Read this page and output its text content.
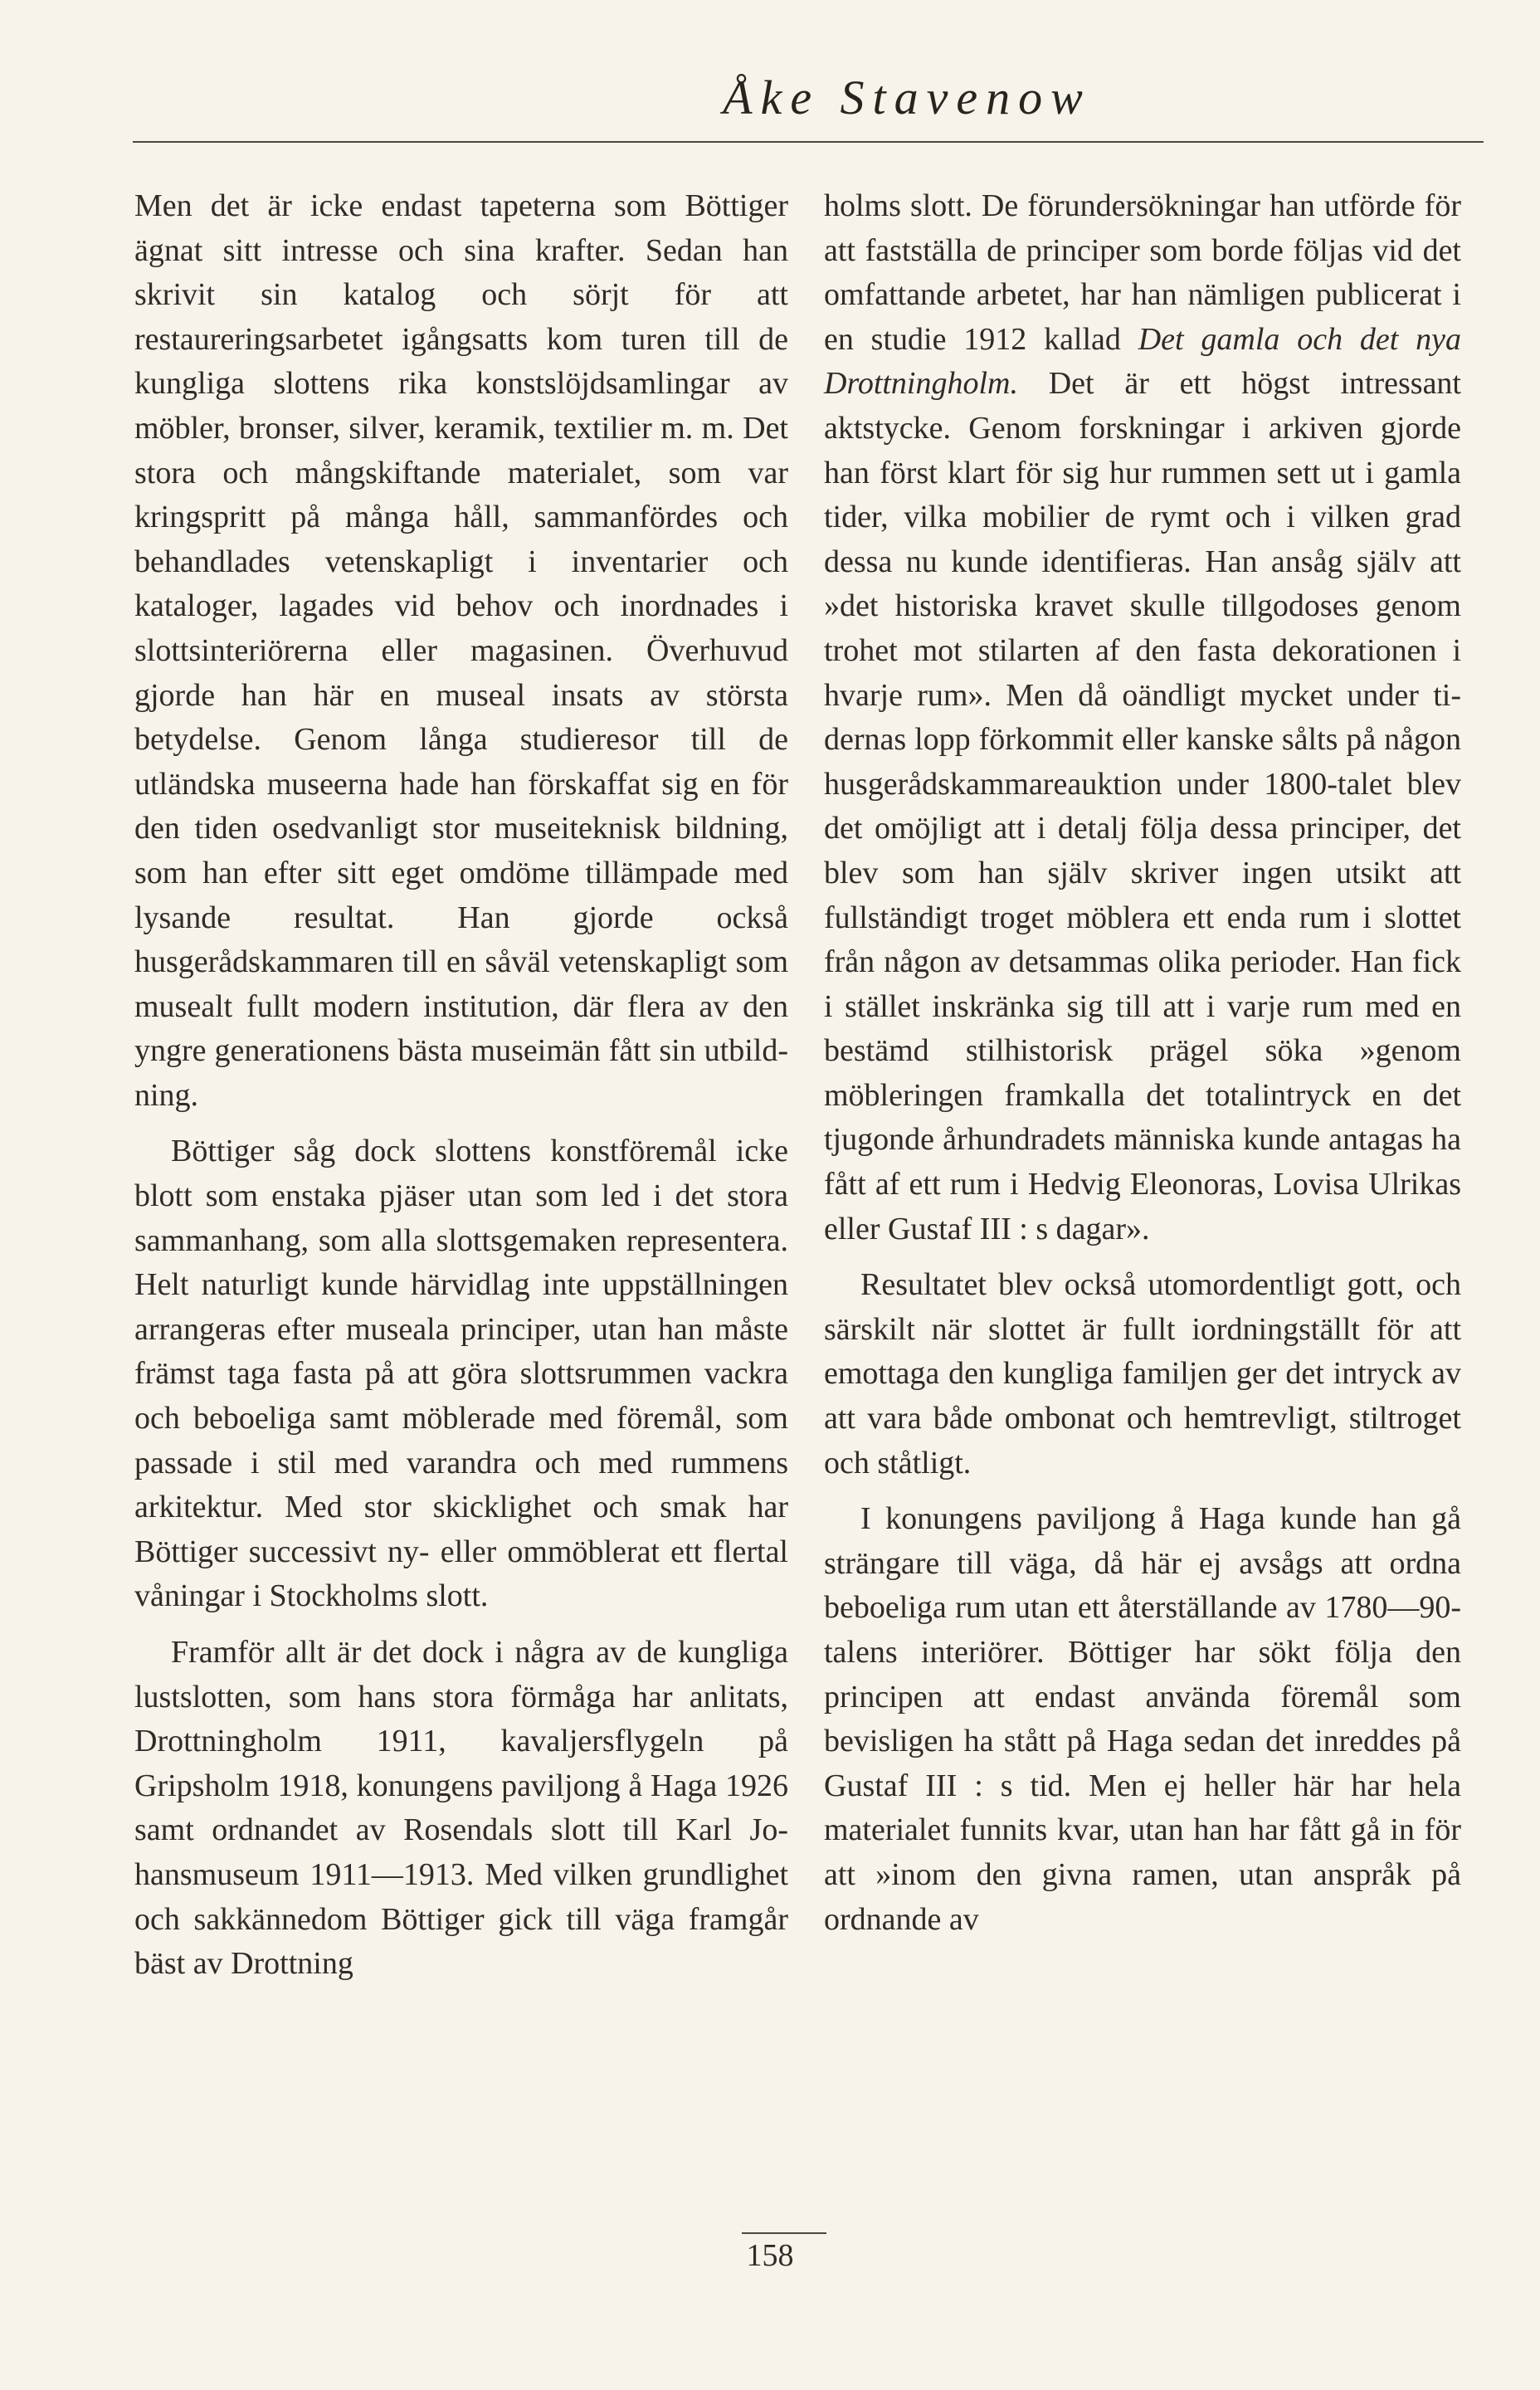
Åke Stavenow

Men det är icke endast tapeterna som Böttiger ägnat sitt intresse och sina krafter. Sedan han skrivit sin katalog och sörjt för att restaureringsarbetet igångsatts kom turen till de kungliga slottens rika konstslöjdsamlingar av möbler, bronser, silver, keramik, textilier m. m. Det stora och mångskiftande materialet, som var kringspritt på många håll, sammanfördes och behandlades vetenskapligt i inventarier och kataloger, lagades vid behov och inordnades i slottsinteriörerna eller magasinen. Överhuvud gjorde han här en museal insats av största betydelse. Genom långa studieresor till de utländska museerna hade han förskaffat sig en för den tiden osedvanligt stor museiteknisk bildning, som han efter sitt eget omdöme tillämpade med lysande resultat. Han gjorde också husgerådskammaren till en såväl vetenskapligt som musealt fullt modern institution, där flera av den yngre generationens bästa museimän fått sin utbildning.

Böttiger såg dock slottens konstföremål icke blott som enstaka pjäser utan som led i det stora sammanhang, som alla slottsgemaken representera. Helt naturligt kunde härvidlag inte uppställningen arrangeras efter museala principer, utan han måste främst taga fasta på att göra slottsrummen vackra och beboeliga samt möblerade med föremål, som passade i stil med varandra och med rummens arkitektur. Med stor skicklighet och smak har Böttiger successivt ny- eller ommöblerat ett flertal våningar i Stockholms slott.

Framför allt är det dock i några av de kungliga lustslotten, som hans stora förmåga har anlitats, Drottningholm 1911, kavaljersflygeln på Gripsholm 1918, konungens paviljong å Haga 1926 samt ordnandet av Rosendals slott till Karl Johansmuseum 1911—1913. Med vilken grundlighet och sakkännedom Böttiger gick till väga framgår bäst av Drottning

holms slott. De förundersökningar han utförde för att fastställa de principer som borde följas vid det omfattande arbetet, har han nämligen publicerat i en studie 1912 kallad Det gamla och det nya Drottningholm. Det är ett högst intressant aktstycke. Genom forskningar i arkiven gjorde han först klart för sig hur rummen sett ut i gamla tider, vilka mobilier de rymt och i vilken grad dessa nu kunde identifieras. Han ansåg själv att »det historiska kravet skulle tillgodoses genom trohet mot stilarten af den fasta dekorationen i hvarje rum». Men då oändligt mycket under tidernas lopp förkommit eller kanske sålts på någon husgerådskammareauktion under 1800-talet blev det omöjligt att i detalj följa dessa principer, det blev som han själv skriver ingen utsikt att fullständigt troget möblera ett enda rum i slottet från någon av detsammas olika perioder. Han fick i stället inskränka sig till att i varje rum med en bestämd stilhistorisk prägel söka »genom möbleringen framkalla det totalintryck en det tjugonde århundradets människa kunde antagas ha fått af ett rum i Hedvig Eleonoras, Lovisa Ulrikas eller Gustaf III : s dagar».

Resultatet blev också utomordentligt gott, och särskilt när slottet är fullt iordningställt för att emottaga den kungliga familjen ger det intryck av att vara både ombonat och hemtrevligt, stiltroget och ståtligt.

I konungens paviljong å Haga kunde han gå strängare till väga, då här ej avsågs att ordna beboeliga rum utan ett återställande av 1780—90-talens interiörer. Böttiger har sökt följa den principen att endast använda föremål som bevisligen ha stått på Haga sedan det inreddes på Gustaf III : s tid. Men ej heller här har hela materialet funnits kvar, utan han har fått gå in för att »inom den givna ramen, utan anspråk på ordnande av

158
